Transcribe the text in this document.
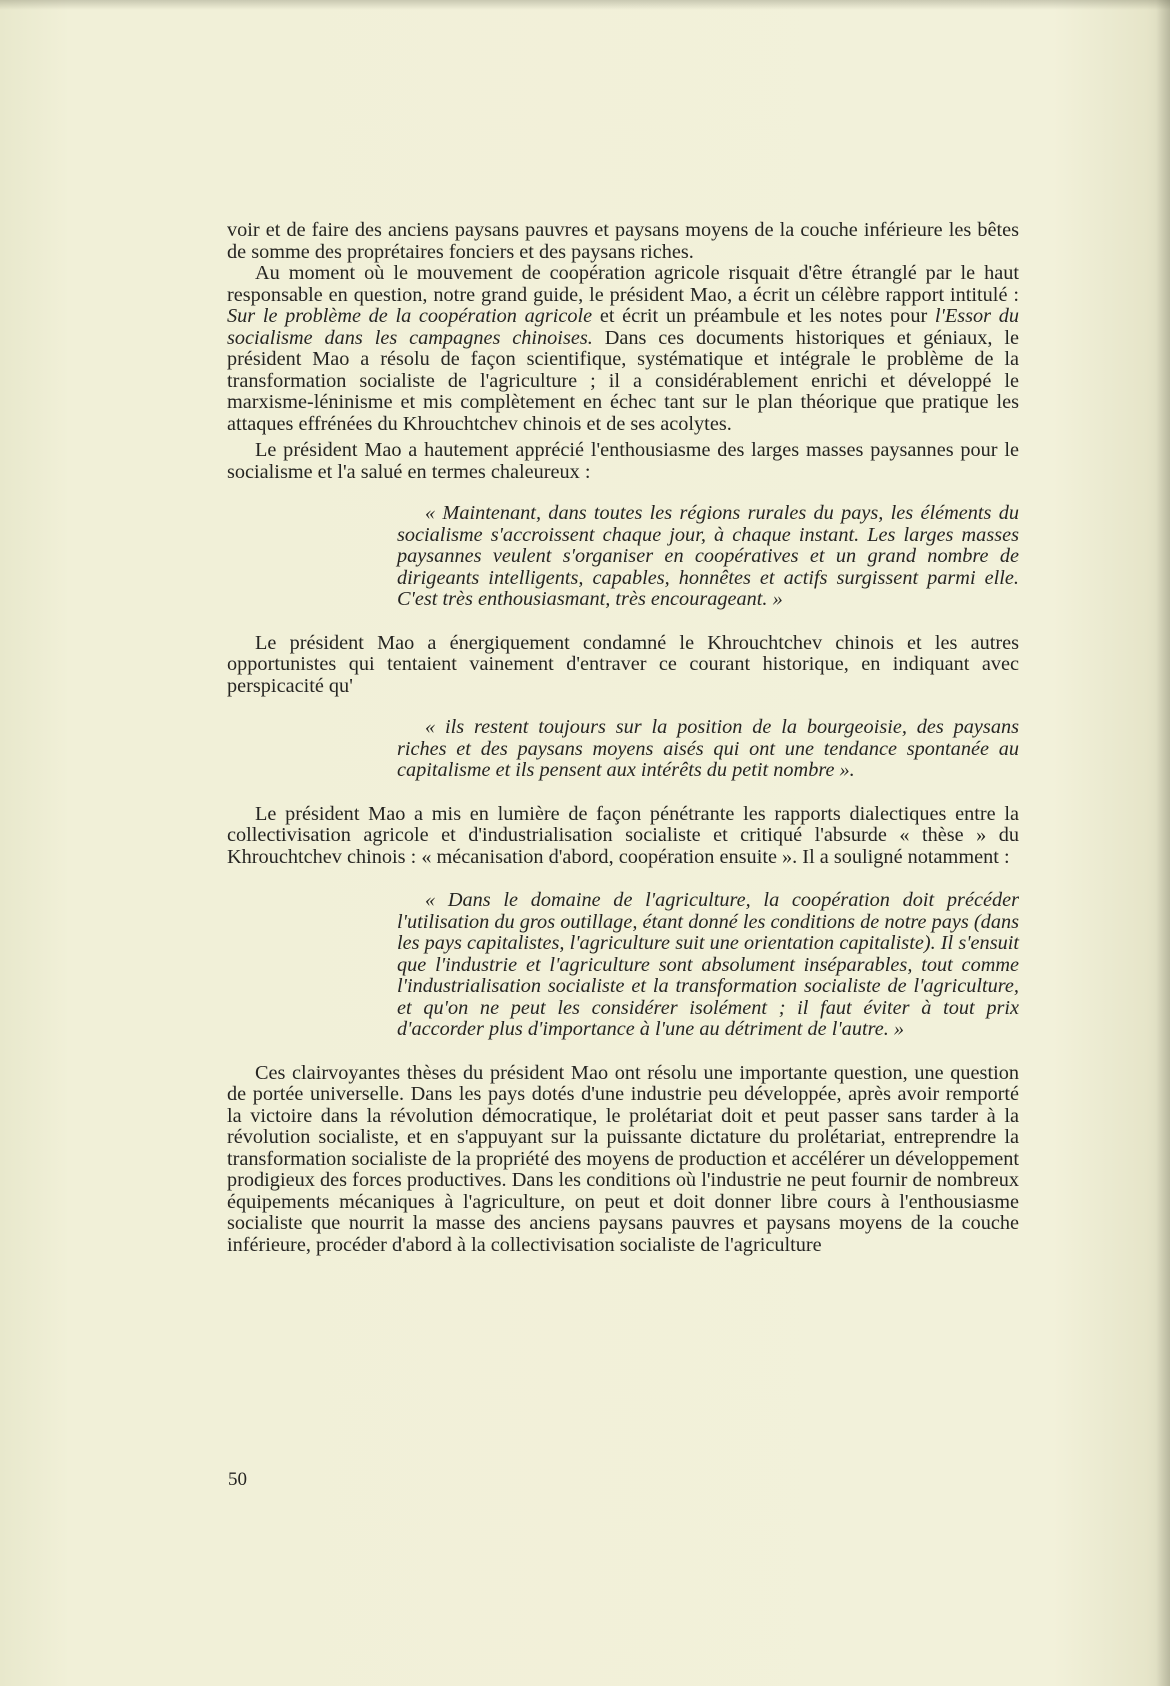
voir et de faire des anciens paysans pauvres et paysans moyens de la couche inférieure les bêtes de somme des proprétaires fonciers et des paysans riches.

Au moment où le mouvement de coopération agricole risquait d'être étranglé par le haut responsable en question, notre grand guide, le président Mao, a écrit un célèbre rapport intitulé : Sur le problème de la coopération agricole et écrit un préambule et les notes pour l'Essor du socialisme dans les campagnes chinoises. Dans ces documents historiques et géniaux, le président Mao a résolu de façon scientifique, systématique et intégrale le problème de la transformation socialiste de l'agriculture ; il a considérablement enrichi et développé le marxisme-léninisme et mis complètement en échec tant sur le plan théorique que pratique les attaques effrénées du Khrouchtchev chinois et de ses acolytes.

Le président Mao a hautement apprécié l'enthousiasme des larges masses paysannes pour le socialisme et l'a salué en termes chaleureux :

« Maintenant, dans toutes les régions rurales du pays, les éléments du socialisme s'accroissent chaque jour, à chaque instant. Les larges masses paysannes veulent s'organiser en coopératives et un grand nombre de dirigeants intelligents, capables, honnêtes et actifs surgissent parmi elle. C'est très enthousiasmant, très encourageant. »

Le président Mao a énergiquement condamné le Khrouchtchev chinois et les autres opportunistes qui tentaient vainement d'entraver ce courant historique, en indiquant avec perspicacité qu'

« ils restent toujours sur la position de la bourgeoisie, des paysans riches et des paysans moyens aisés qui ont une tendance spontanée au capitalisme et ils pensent aux intérêts du petit nombre ».

Le président Mao a mis en lumière de façon pénétrante les rapports dialectiques entre la collectivisation agricole et d'industrialisation socialiste et critiqué l'absurde « thèse » du Khrouchtchev chinois : « mécanisation d'abord, coopération ensuite ». Il a souligné notamment :

« Dans le domaine de l'agriculture, la coopération doit précéder l'utilisation du gros outillage, étant donné les conditions de notre pays (dans les pays capitalistes, l'agriculture suit une orientation capitaliste). Il s'ensuit que l'industrie et l'agriculture sont absolument inséparables, tout comme l'industrialisation socialiste et la transformation socialiste de l'agriculture, et qu'on ne peut les considérer isolément ; il faut éviter à tout prix d'accorder plus d'importance à l'une au détriment de l'autre. »

Ces clairvoyantes thèses du président Mao ont résolu une importante question, une question de portée universelle. Dans les pays dotés d'une industrie peu développée, après avoir remporté la victoire dans la révolution démocratique, le prolétariat doit et peut passer sans tarder à la révolution socialiste, et en s'appuyant sur la puissante dictature du prolétariat, entreprendre la transformation socialiste de la propriété des moyens de production et accélérer un développement prodigieux des forces productives. Dans les conditions où l'industrie ne peut fournir de nombreux équipements mécaniques à l'agriculture, on peut et doit donner libre cours à l'enthousiasme socialiste que nourrit la masse des anciens paysans pauvres et paysans moyens de la couche inférieure, procéder d'abord à la collectivisation socialiste de l'agriculture

50
